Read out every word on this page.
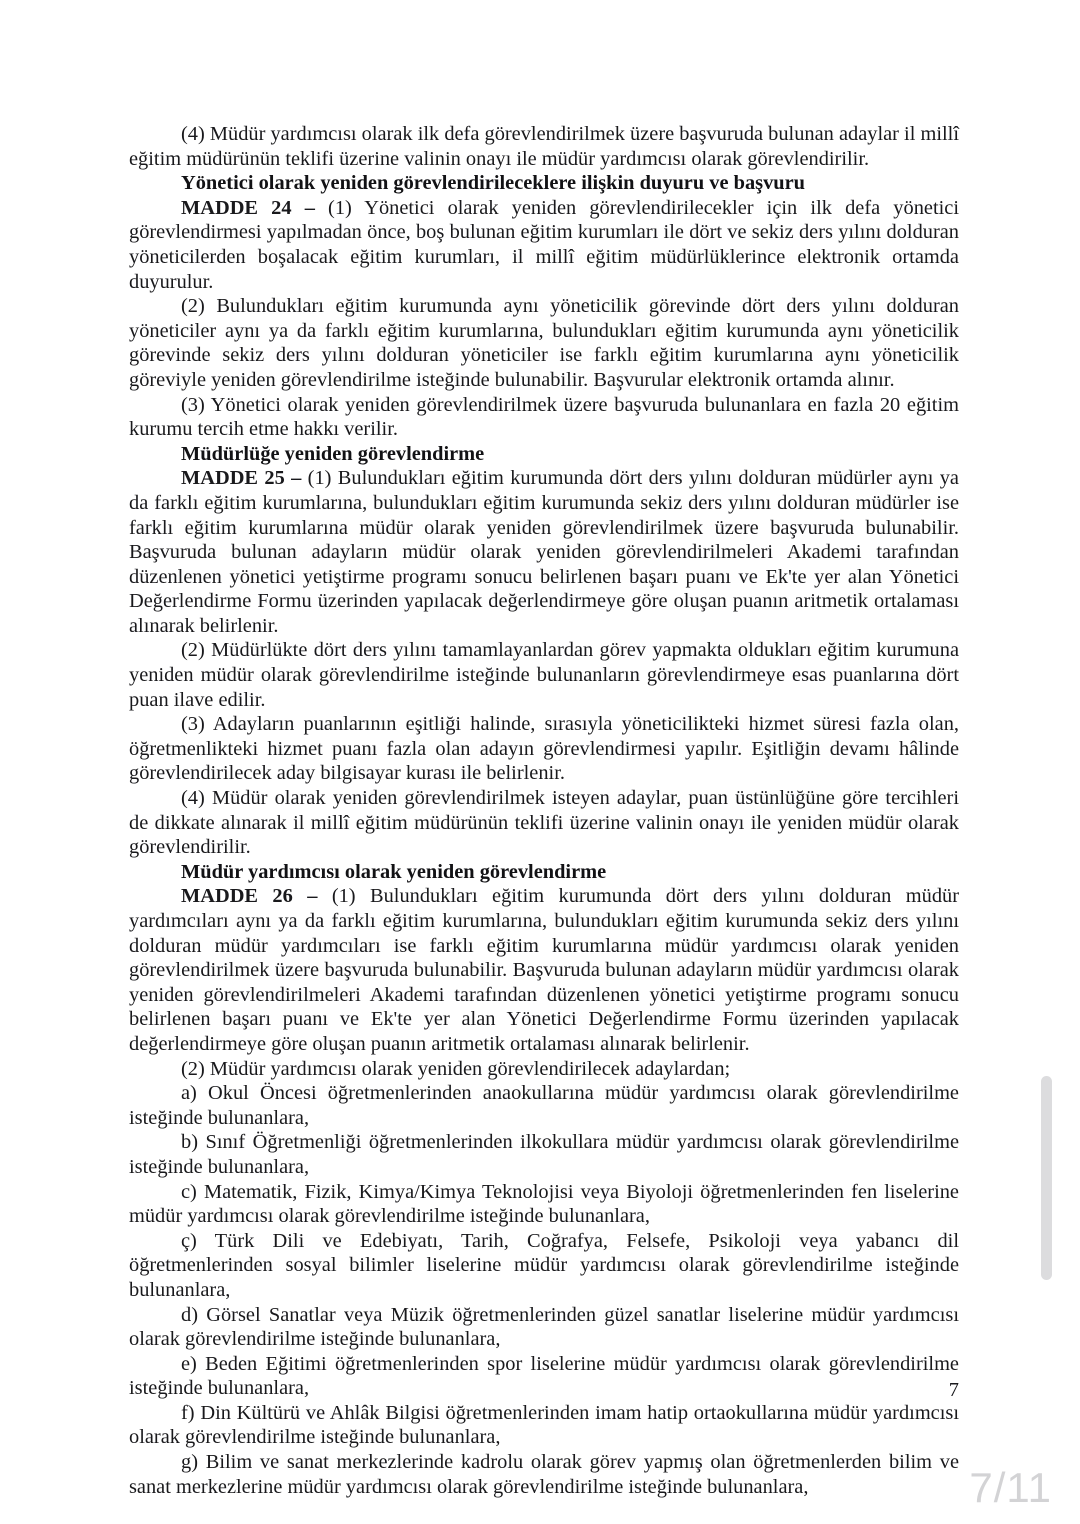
(4) Müdür yardımcısı olarak ilk defa görevlendirilmek üzere başvuruda bulunan adaylar il millî eğitim müdürünün teklifi üzerine valinin onayı ile müdür yardımcısı olarak görevlendirilir.

Yönetici olarak yeniden görevlendirileceklere ilişkin duyuru ve başvuru

MADDE 24 – (1) Yönetici olarak yeniden görevlendirilecekler için ilk defa yönetici görevlendirmesi yapılmadan önce, boş bulunan eğitim kurumları ile dört ve sekiz ders yılını dolduran yöneticilerden boşalacak eğitim kurumları, il millî eğitim müdürlüklerince elektronik ortamda duyurulur.

(2) Bulundukları eğitim kurumunda aynı yöneticilik görevinde dört ders yılını dolduran yöneticiler aynı ya da farklı eğitim kurumlarına, bulundukları eğitim kurumunda aynı yöneticilik görevinde sekiz ders yılını dolduran yöneticiler ise farklı eğitim kurumlarına aynı yöneticilik göreviyle yeniden görevlendirilme isteğinde bulunabilir. Başvurular elektronik ortamda alınır.

(3) Yönetici olarak yeniden görevlendirilmek üzere başvuruda bulunanlara en fazla 20 eğitim kurumu tercih etme hakkı verilir.

Müdürlüğe yeniden görevlendirme

MADDE 25 – (1) Bulundukları eğitim kurumunda dört ders yılını dolduran müdürler aynı ya da farklı eğitim kurumlarına, bulundukları eğitim kurumunda sekiz ders yılını dolduran müdürler ise farklı eğitim kurumlarına müdür olarak yeniden görevlendirilmek üzere başvuruda bulunabilir. Başvuruda bulunan adayların müdür olarak yeniden görevlendirilmeleri Akademi tarafından düzenlenen yönetici yetiştirme programı sonucu belirlenen başarı puanı ve Ek'te yer alan Yönetici Değerlendirme Formu üzerinden yapılacak değerlendirmeye göre oluşan puanın aritmetik ortalaması alınarak belirlenir.

(2) Müdürlükte dört ders yılını tamamlayanlardan görev yapmakta oldukları eğitim kurumuna yeniden müdür olarak görevlendirilme isteğinde bulunanların görevlendirmeye esas puanlarına dört puan ilave edilir.

(3) Adayların puanlarının eşitliği halinde, sırasıyla yöneticilikteki hizmet süresi fazla olan, öğretmenlikteki hizmet puanı fazla olan adayın görevlendirmesi yapılır. Eşitliğin devamı hâlinde görevlendirilecek aday bilgisayar kurası ile belirlenir.

(4) Müdür olarak yeniden görevlendirilmek isteyen adaylar, puan üstünlüğüne göre tercihleri de dikkate alınarak il millî eğitim müdürünün teklifi üzerine valinin onayı ile yeniden müdür olarak görevlendirilir.

Müdür yardımcısı olarak yeniden görevlendirme

MADDE 26 – (1) Bulundukları eğitim kurumunda dört ders yılını dolduran müdür yardımcıları aynı ya da farklı eğitim kurumlarına, bulundukları eğitim kurumunda sekiz ders yılını dolduran müdür yardımcıları ise farklı eğitim kurumlarına müdür yardımcısı olarak yeniden görevlendirilmek üzere başvuruda bulunabilir. Başvuruda bulunan adayların müdür yardımcısı olarak yeniden görevlendirilmeleri Akademi tarafından düzenlenen yönetici yetiştirme programı sonucu belirlenen başarı puanı ve Ek'te yer alan Yönetici Değerlendirme Formu üzerinden yapılacak değerlendirmeye göre oluşan puanın aritmetik ortalaması alınarak belirlenir.

(2) Müdür yardımcısı olarak yeniden görevlendirilecek adaylardan;

a) Okul Öncesi öğretmenlerinden anaokullarına müdür yardımcısı olarak görevlendirilme isteğinde bulunanlara,

b) Sınıf Öğretmenliği öğretmenlerinden ilkokullara müdür yardımcısı olarak görevlendirilme isteğinde bulunanlara,

c) Matematik, Fizik, Kimya/Kimya Teknolojisi veya Biyoloji öğretmenlerinden fen liselerine müdür yardımcısı olarak görevlendirilme isteğinde bulunanlara,

ç) Türk Dili ve Edebiyatı, Tarih, Coğrafya, Felsefe, Psikoloji veya yabancı dil öğretmenlerinden sosyal bilimler liselerine müdür yardımcısı olarak görevlendirilme isteğinde bulunanlara,

d) Görsel Sanatlar veya Müzik öğretmenlerinden güzel sanatlar liselerine müdür yardımcısı olarak görevlendirilme isteğinde bulunanlara,

e) Beden Eğitimi öğretmenlerinden spor liselerine müdür yardımcısı olarak görevlendirilme isteğinde bulunanlara,

f) Din Kültürü ve Ahlâk Bilgisi öğretmenlerinden imam hatip ortaokullarına müdür yardımcısı olarak görevlendirilme isteğinde bulunanlara,

g) Bilim ve sanat merkezlerinde kadrolu olarak görev yapmış olan öğretmenlerden bilim ve sanat merkezlerine müdür yardımcısı olarak görevlendirilme isteğinde bulunanlara,

7
7/11
